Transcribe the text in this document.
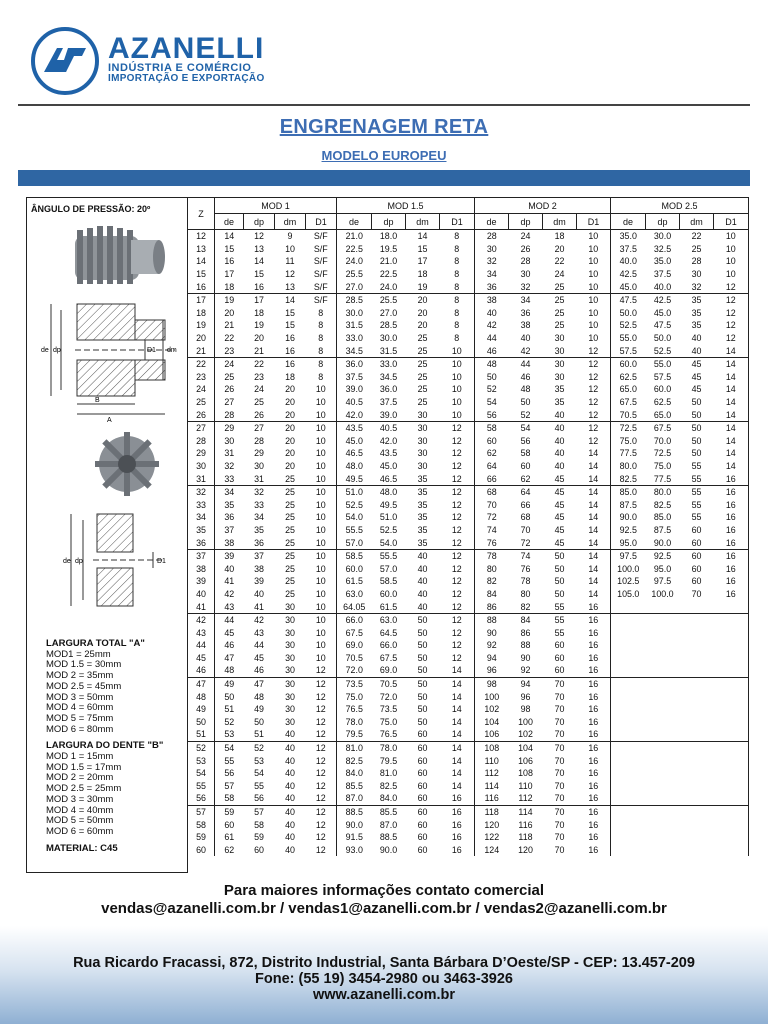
AZANELLI
INDÚSTRIA E COMÉRCIO
IMPORTAÇÃO E EXPORTAÇÃO
ENGRENAGEM RETA
MODELO EUROPEU
ÂNGULO DE PRESSÃO: 20º
de dp	D1 dm
B
A
de dp	D1
LARGURA TOTAL "A"
MOD1 = 25mm
MOD 1.5 = 30mm
MOD 2 = 35mm
MOD 2.5 = 45mm
MOD 3 = 50mm
MOD 4 = 60mm
MOD 5 = 75mm
MOD 6 = 80mm
LARGURA DO DENTE "B"
MOD 1 = 15mm
MOD 1.5 = 17mm
MOD 2 = 20mm
MOD 2.5 = 25mm
MOD 3 = 30mm
MOD 4 = 40mm
MOD 5 = 50mm
MOD 6 = 60mm
MATERIAL: C45
Z	MOD 1				MOD 1.5				MOD 2				MOD 2.5			
	de	dp	dm	D1	de	dp	dm	D1	de	dp	dm	D1	de	dp	dm	D1
12	14	12	9	S/F	21.0	18.0	14	8	28	24	18	10	35.0	30.0	22	10
13	15	13	10	S/F	22.5	19.5	15	8	30	26	20	10	37.5	32.5	25	10
14	16	14	11	S/F	24.0	21.0	17	8	32	28	22	10	40.0	35.0	28	10
15	17	15	12	S/F	25.5	22.5	18	8	34	30	24	10	42.5	37.5	30	10
16	18	16	13	S/F	27.0	24.0	19	8	36	32	25	10	45.0	40.0	32	12
17	19	17	14	S/F	28.5	25.5	20	8	38	34	25	10	47.5	42.5	35	12
18	20	18	15	8	30.0	27.0	20	8	40	36	25	10	50.0	45.0	35	12
19	21	19	15	8	31.5	28.5	20	8	42	38	25	10	52.5	47.5	35	12
20	22	20	16	8	33.0	30.0	25	8	44	40	30	10	55.0	50.0	40	12
21	23	21	16	8	34.5	31.5	25	10	46	42	30	12	57.5	52.5	40	14
22	24	22	16	8	36.0	33.0	25	10	48	44	30	12	60.0	55.0	45	14
23	25	23	18	8	37.5	34.5	25	10	50	46	30	12	62.5	57.5	45	14
24	26	24	20	10	39.0	36.0	25	10	52	48	35	12	65.0	60.0	45	14
25	27	25	20	10	40.5	37.5	25	10	54	50	35	12	67.5	62.5	50	14
26	28	26	20	10	42.0	39.0	30	10	56	52	40	12	70.5	65.0	50	14
27	29	27	20	10	43.5	40.5	30	12	58	54	40	12	72.5	67.5	50	14
28	30	28	20	10	45.0	42.0	30	12	60	56	40	12	75.0	70.0	50	14
29	31	29	20	10	46.5	43.5	30	12	62	58	40	14	77.5	72.5	50	14
30	32	30	20	10	48.0	45.0	30	12	64	60	40	14	80.0	75.0	55	14
31	33	31	25	10	49.5	46.5	35	12	66	62	45	14	82.5	77.5	55	16
32	34	32	25	10	51.0	48.0	35	12	68	64	45	14	85.0	80.0	55	16
33	35	33	25	10	52.5	49.5	35	12	70	66	45	14	87.5	82.5	55	16
34	36	34	25	10	54.0	51.0	35	12	72	68	45	14	90.0	85.0	55	16
35	37	35	25	10	55.5	52.5	35	12	74	70	45	14	92.5	87.5	60	16
36	38	36	25	10	57.0	54.0	35	12	76	72	45	14	95.0	90.0	60	16
37	39	37	25	10	58.5	55.5	40	12	78	74	50	14	97.5	92.5	60	16
38	40	38	25	10	60.0	57.0	40	12	80	76	50	14	100.0	95.0	60	16
39	41	39	25	10	61.5	58.5	40	12	82	78	50	14	102.5	97.5	60	16
40	42	40	25	10	63.0	60.0	40	12	84	80	50	14	105.0	100.0	70	16
41	43	41	30	10	64.05	61.5	40	12	86	82	55	16				
42	44	42	30	10	66.0	63.0	50	12	88	84	55	16				
43	45	43	30	10	67.5	64.5	50	12	90	86	55	16				
44	46	44	30	10	69.0	66.0	50	12	92	88	60	16				
45	47	45	30	10	70.5	67.5	50	12	94	90	60	16				
46	48	46	30	12	72.0	69.0	50	14	96	92	60	16				
47	49	47	30	12	73.5	70.5	50	14	98	94	70	16				
48	50	48	30	12	75.0	72.0	50	14	100	96	70	16				
49	51	49	30	12	76.5	73.5	50	14	102	98	70	16				
50	52	50	30	12	78.0	75.0	50	14	104	100	70	16				
51	53	51	40	12	79.5	76.5	60	14	106	102	70	16				
52	54	52	40	12	81.0	78.0	60	14	108	104	70	16				
53	55	53	40	12	82.5	79.5	60	14	110	106	70	16				
54	56	54	40	12	84.0	81.0	60	14	112	108	70	16				
55	57	55	40	12	85.5	82.5	60	14	114	110	70	16				
56	58	56	40	12	87.0	84.0	60	16	116	112	70	16				
57	59	57	40	12	88.5	85.5	60	16	118	114	70	16				
58	60	58	40	12	90.0	87.0	60	16	120	116	70	16				
59	61	59	40	12	91.5	88.5	60	16	122	118	70	16				
60	62	60	40	12	93.0	90.0	60	16	124	120	70	16				
Para maiores informações contato comercial
vendas@azanelli.com.br / vendas1@azanelli.com.br / vendas2@azanelli.com.br
Rua Ricardo Fracassi, 872, Distrito Industrial, Santa Bárbara D’Oeste/SP - CEP: 13.457-209
Fone: (55 19) 3454-2980 ou 3463-3926
www.azanelli.com.br
